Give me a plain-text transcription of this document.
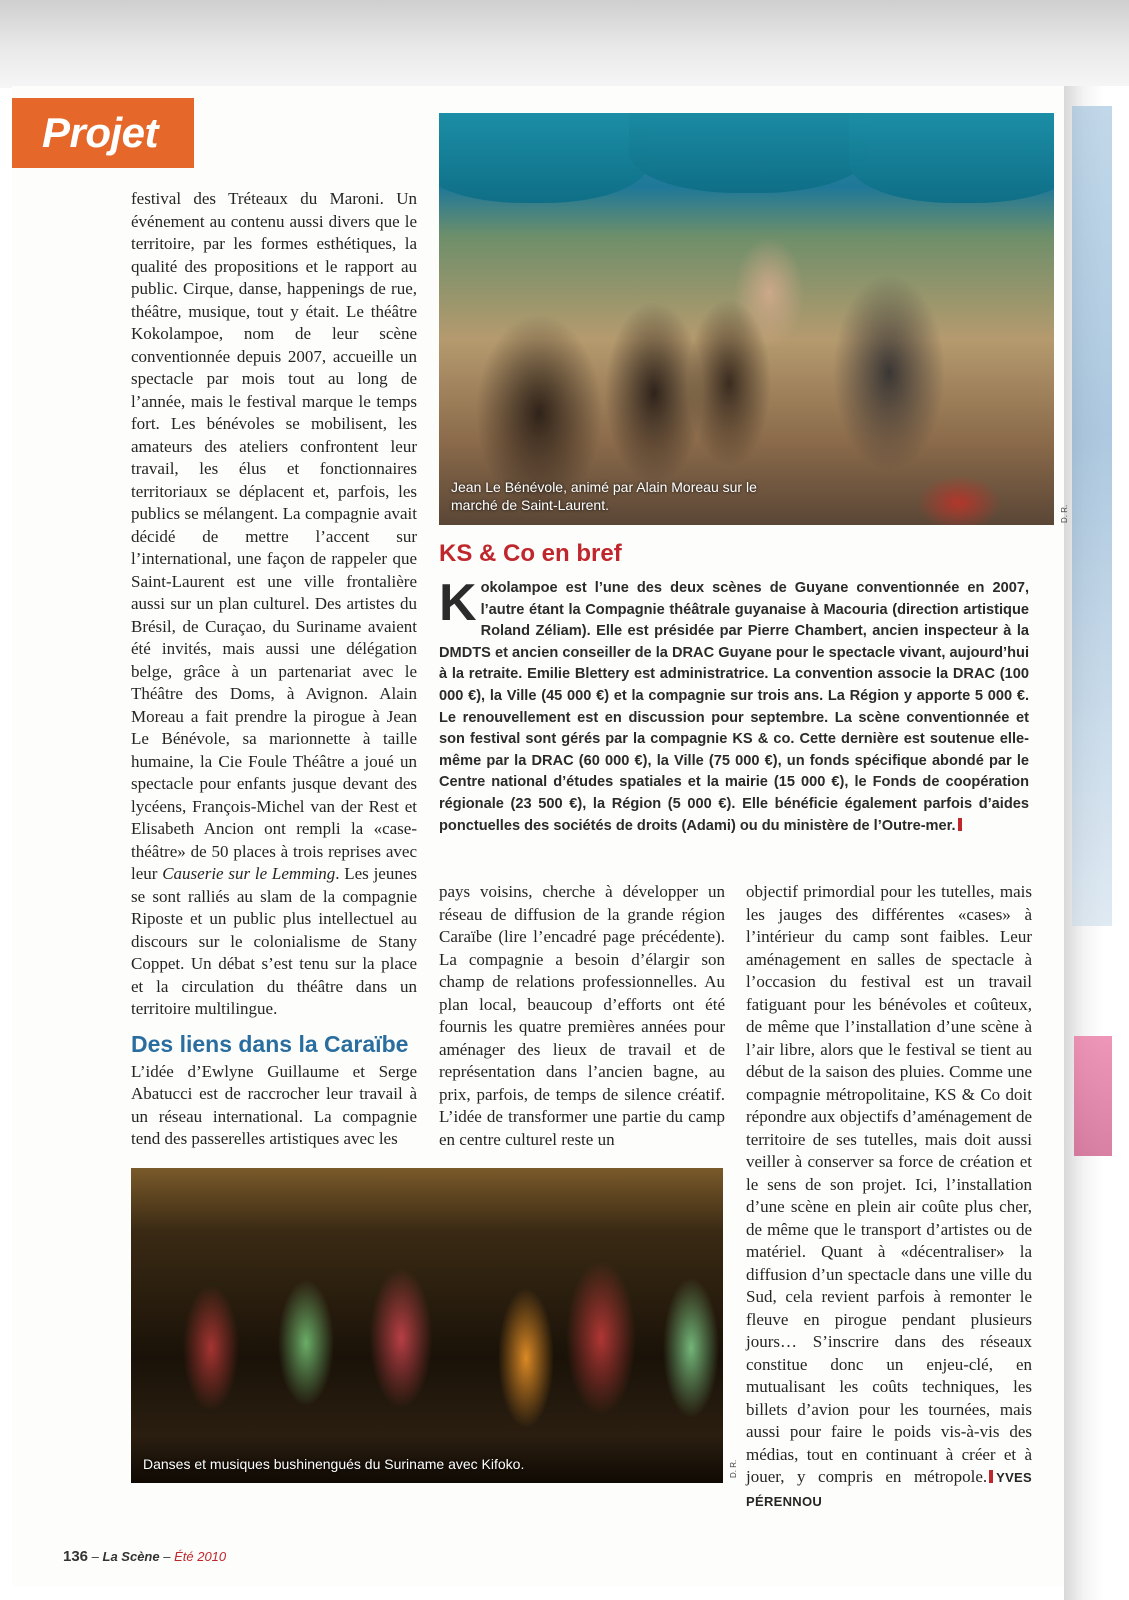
Projet

festival des Tréteaux du Maroni. Un événement au contenu aussi divers que le territoire, par les formes esthétiques, la qualité des propositions et le rapport au public. Cirque, danse, happenings de rue, théâtre, musique, tout y était. Le théâtre Kokolampoe, nom de leur scène conventionnée depuis 2007, accueille un spectacle par mois tout au long de l’année, mais le festival marque le temps fort. Les bénévoles se mobilisent, les amateurs des ateliers confrontent leur travail, les élus et fonctionnaires territoriaux se déplacent et, parfois, les publics se mélangent. La compagnie avait décidé de mettre l’accent sur l’international, une façon de rappeler que Saint-Laurent est une ville frontalière aussi sur un plan culturel. Des artistes du Brésil, de Curaçao, du Suriname avaient été invités, mais aussi une délégation belge, grâce à un partenariat avec le Théâtre des Doms, à Avignon. Alain Moreau a fait prendre la pirogue à Jean Le Bénévole, sa marionnette à taille humaine, la Cie Foule Théâtre a joué un spectacle pour enfants jusque devant des lycéens, François-Michel van der Rest et Elisabeth Ancion ont rempli la «case-théâtre» de 50 places à trois reprises avec leur Causerie sur le Lemming. Les jeunes se sont ralliés au slam de la compagnie Riposte et un public plus intellectuel au discours sur le colonialisme de Stany Coppet. Un débat s’est tenu sur la place et la circulation du théâtre dans un territoire multilingue.

Des liens dans la Caraïbe

L’idée d’Ewlyne Guillaume et Serge Abatucci est de raccrocher leur travail à un réseau international. La compagnie tend des passerelles artistiques avec les

Jean Le Bénévole, animé par Alain Moreau sur le marché de Saint-Laurent.	D. R.
KS & Co en bref
Kokolampoe est l’une des deux scènes de Guyane conventionnée en 2007, l’autre étant la Compagnie théâtrale guyanaise à Macouria (direction artistique Roland Zéliam). Elle est présidée par Pierre Chambert, ancien inspecteur à la DMDTS et ancien conseiller de la DRAC Guyane pour le spectacle vivant, aujourd’hui à la retraite. Emilie Blettery est administratrice. La convention associe la DRAC (100 000 €), la Ville (45 000 €) et la compagnie sur trois ans. La Région y apporte 5 000 €. Le renouvellement est en discussion pour septembre. La scène conventionnée et son festival sont gérés par la compagnie KS & co. Cette dernière est soutenue elle-même par la DRAC (60 000 €), la Ville (75 000 €), un fonds spécifique abondé par le Centre national d’études spatiales et la mairie (15 000 €), le Fonds de coopération régionale (23 500 €), la Région (5 000 €). Elle bénéficie également parfois d’aides ponctuelles des sociétés de droits (Adami) ou du ministère de l’Outre-mer.

pays voisins, cherche à développer un réseau de diffusion de la grande région Caraïbe (lire l’encadré page précédente). La compagnie a besoin d’élargir son champ de relations professionnelles. Au plan local, beaucoup d’efforts ont été fournis les quatre premières années pour aménager des lieux de travail et de représentation dans l’ancien bagne, au prix, parfois, de temps de silence créatif. L’idée de transformer une partie du camp en centre culturel reste un

objectif primordial pour les tutelles, mais les jauges des différentes «cases» à l’intérieur du camp sont faibles. Leur aménagement en salles de spectacle à l’occasion du festival est un travail fatiguant pour les bénévoles et coûteux, de même que l’installation d’une scène à l’air libre, alors que le festival se tient au début de la saison des pluies. Comme une compagnie métropolitaine, KS & Co doit répondre aux objectifs d’aménagement de territoire de ses tutelles, mais doit aussi veiller à conserver sa force de création et le sens de son projet. Ici, l’installation d’une scène en plein air coûte plus cher, de même que le transport d’artistes ou de matériel. Quant à «décentraliser» la diffusion d’un spectacle dans une ville du Sud, cela revient parfois à remonter le fleuve en pirogue pendant plusieurs jours… S’inscrire dans des réseaux constitue donc un enjeu-clé, en mutualisant les coûts techniques, les billets d’avion pour les tournées, mais aussi pour faire le poids vis-à-vis des médias, tout en continuant à créer et à jouer, y compris en métropole. YVES PÉRENNOU

Danses et musiques bushinengués du Suriname avec Kifoko.	D. R.
136 – La Scène – Été 2010
